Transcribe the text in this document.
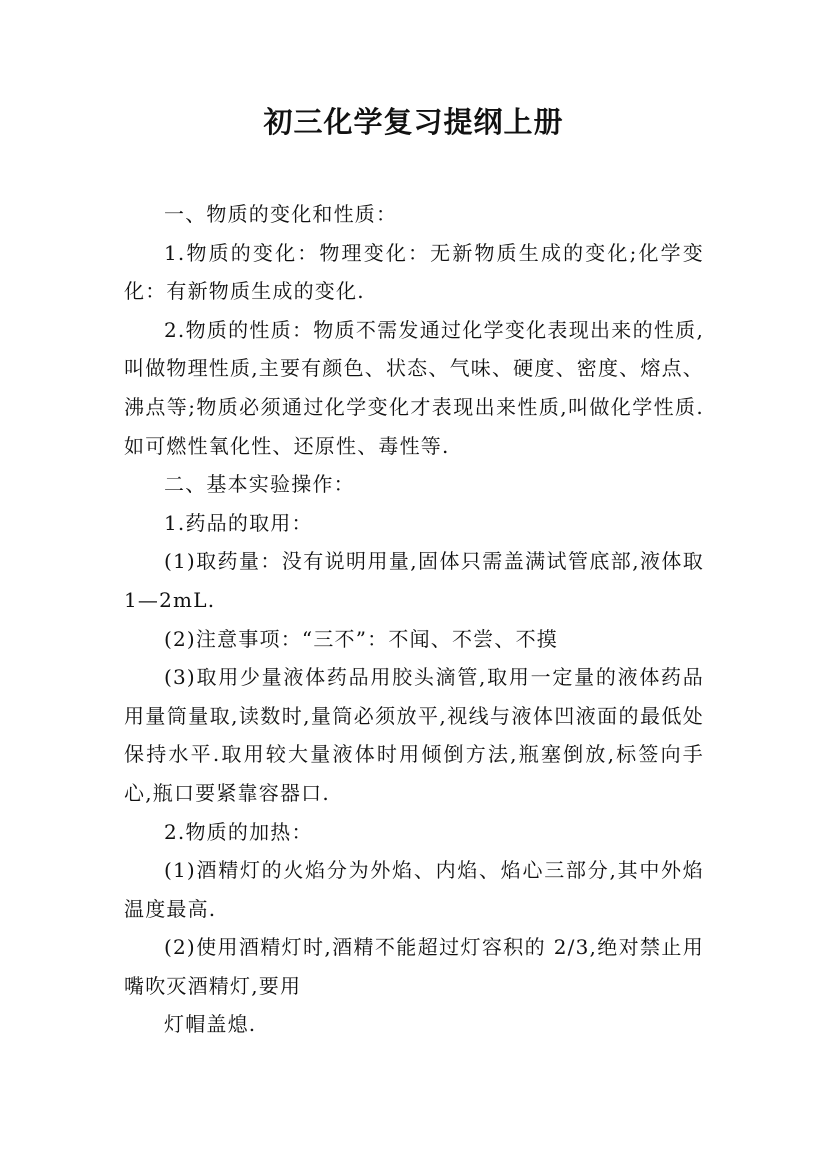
初三化学复习提纲上册

一、物质的变化和性质：

1.物质的变化：物理变化：无新物质生成的变化;化学变化：有新物质生成的变化.

2.物质的性质：物质不需发通过化学变化表现出来的性质,叫做物理性质,主要有颜色、状态、气味、硬度、密度、熔点、沸点等;物质必须通过化学变化才表现出来性质,叫做化学性质.如可燃性氧化性、还原性、毒性等.

二、基本实验操作：

1.药品的取用：

(1)取药量：没有说明用量,固体只需盖满试管底部,液体取 1—2mL.

(2)注意事项：“三不”：不闻、不尝、不摸

(3)取用少量液体药品用胶头滴管,取用一定量的液体药品用量筒量取,读数时,量筒必须放平,视线与液体凹液面的最低处保持水平.取用较大量液体时用倾倒方法,瓶塞倒放,标签向手心,瓶口要紧靠容器口.

2.物质的加热：

(1)酒精灯的火焰分为外焰、内焰、焰心三部分,其中外焰温度最高.

(2)使用酒精灯时,酒精不能超过灯容积的 2/3,绝对禁止用嘴吹灭酒精灯,要用

灯帽盖熄.
